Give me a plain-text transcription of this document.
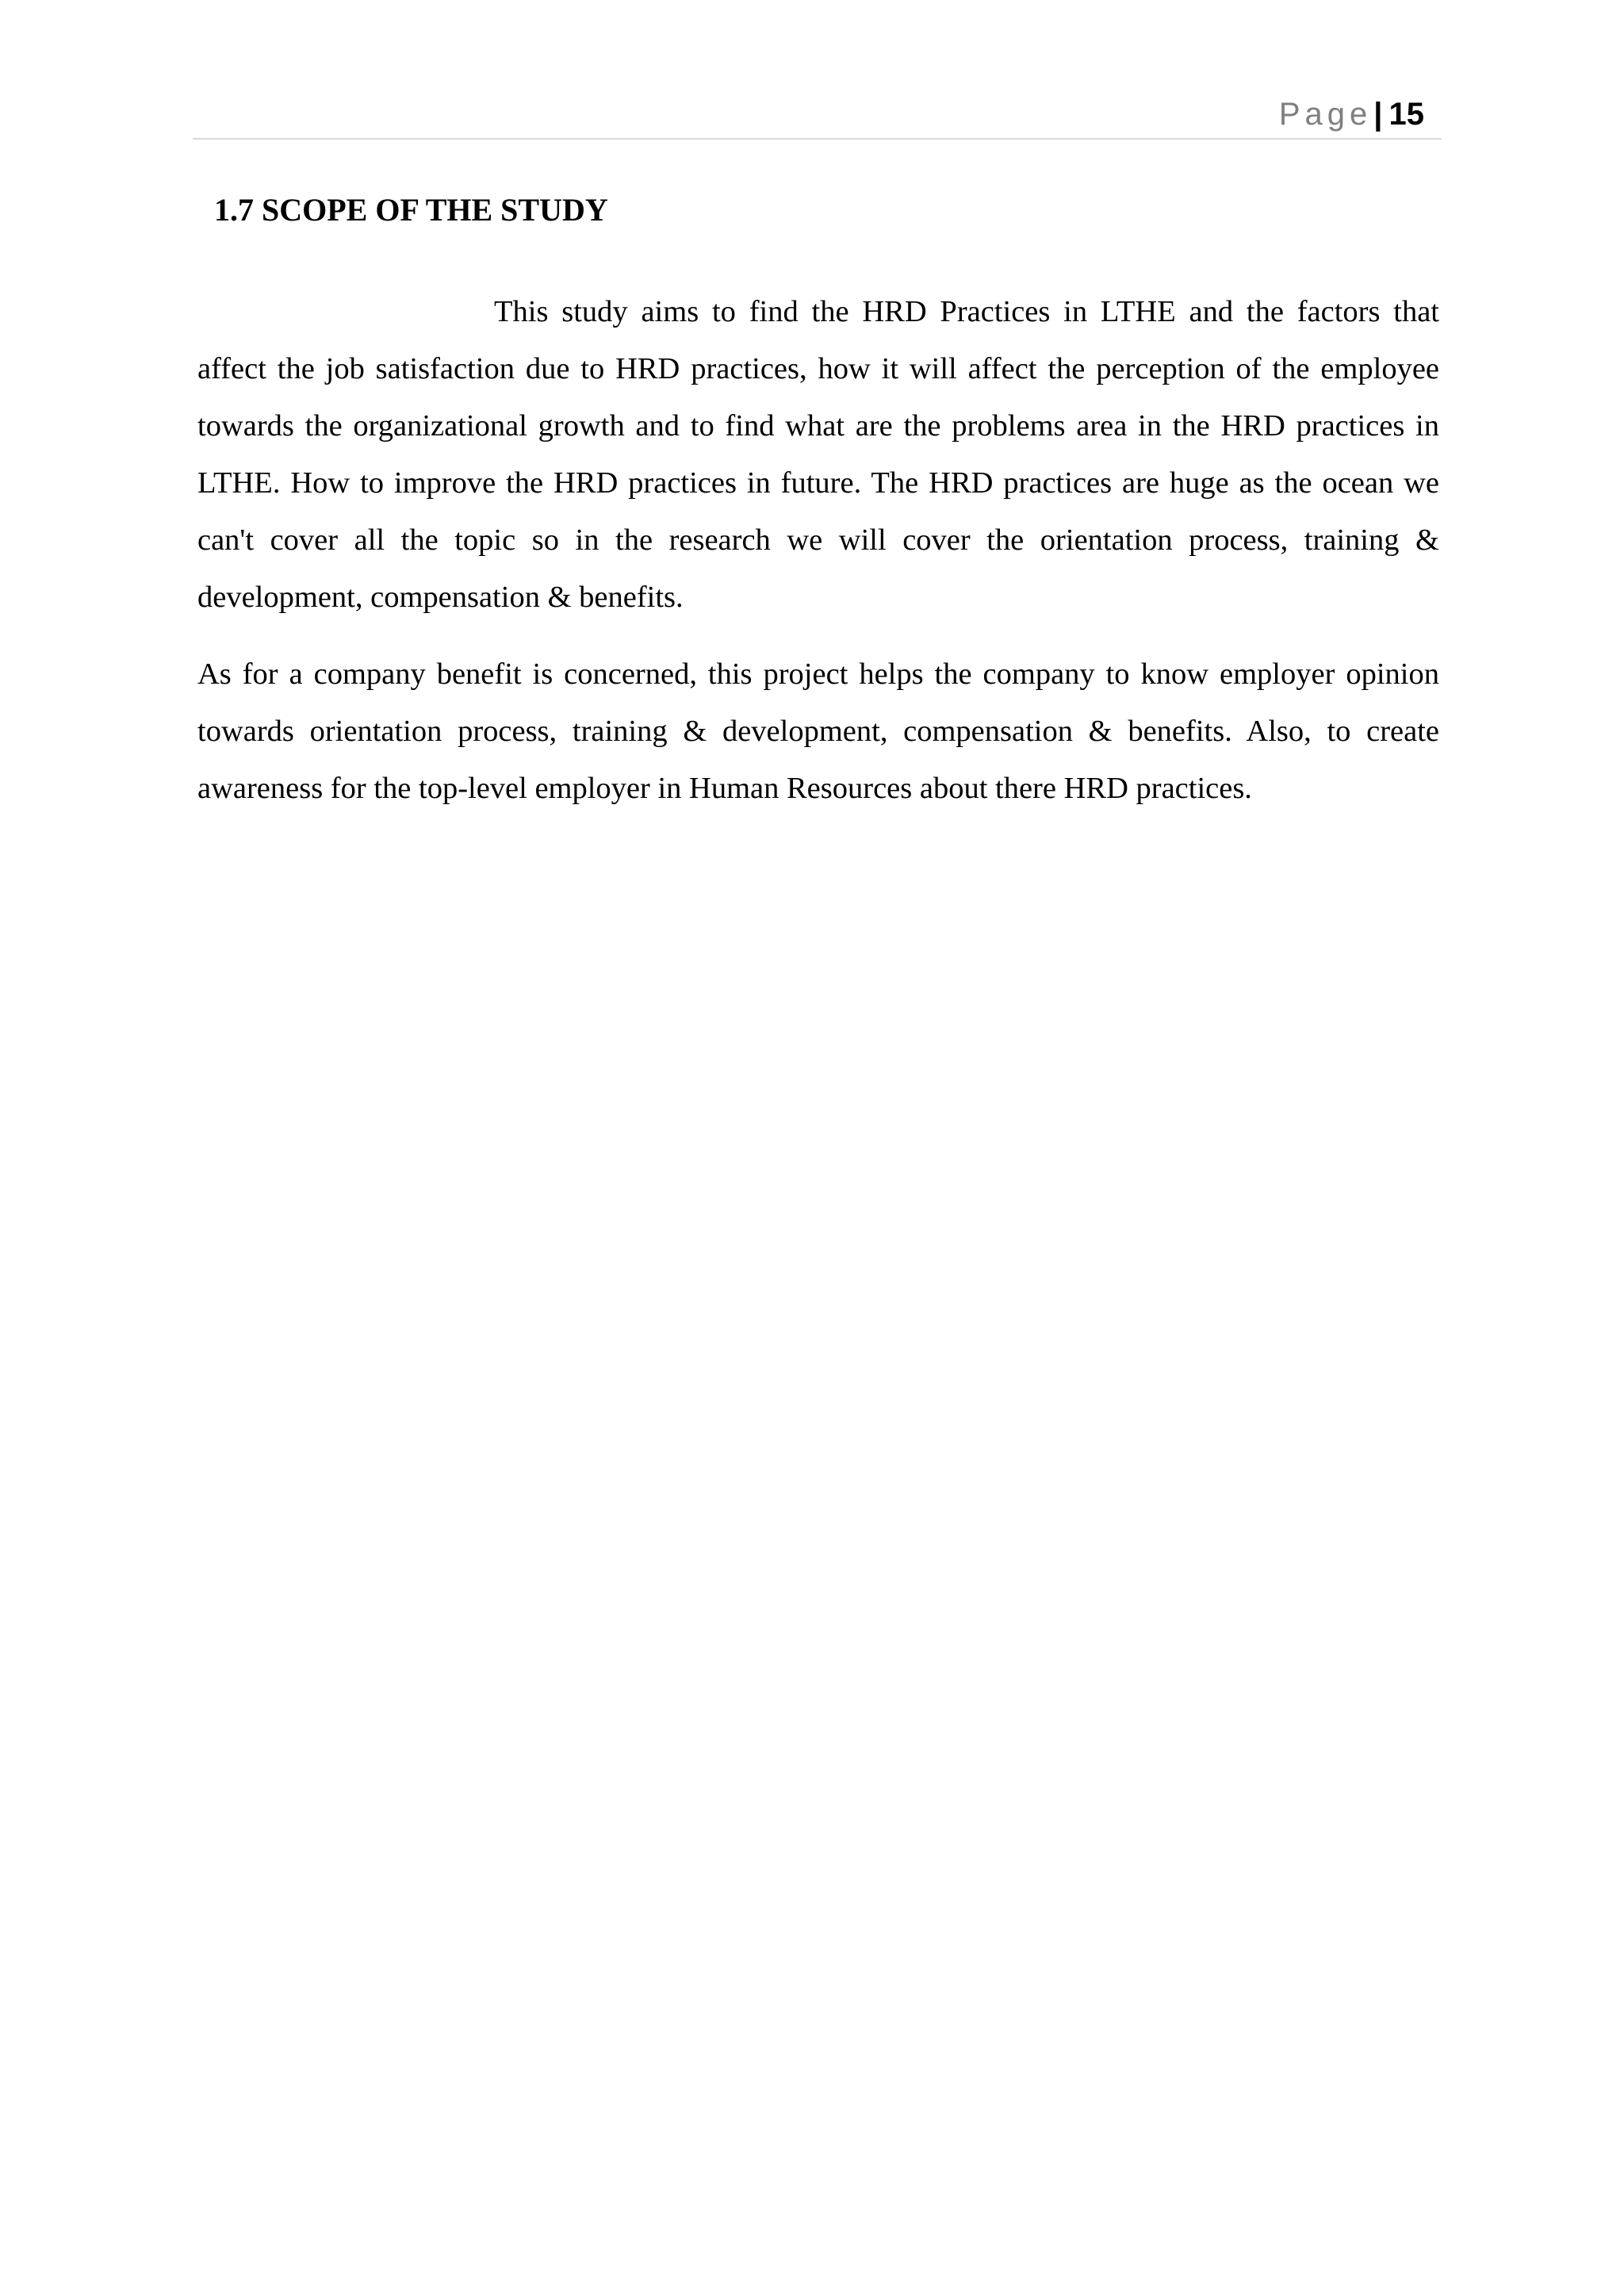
Page| 15
1.7 SCOPE OF THE STUDY

This study aims to find the HRD Practices in LTHE and the factors that affect the job satisfaction due to HRD practices, how it will affect the perception of the employee towards the organizational growth and to find what are the problems area in the HRD practices in LTHE. How to improve the HRD practices in future. The HRD practices are huge as the ocean we can't cover all the topic so in the research we will cover the orientation process, training & development, compensation & benefits.

As for a company benefit is concerned, this project helps the company to know employer opinion towards orientation process, training & development, compensation & benefits. Also, to create awareness for the top-level employer in Human Resources about there HRD practices.
